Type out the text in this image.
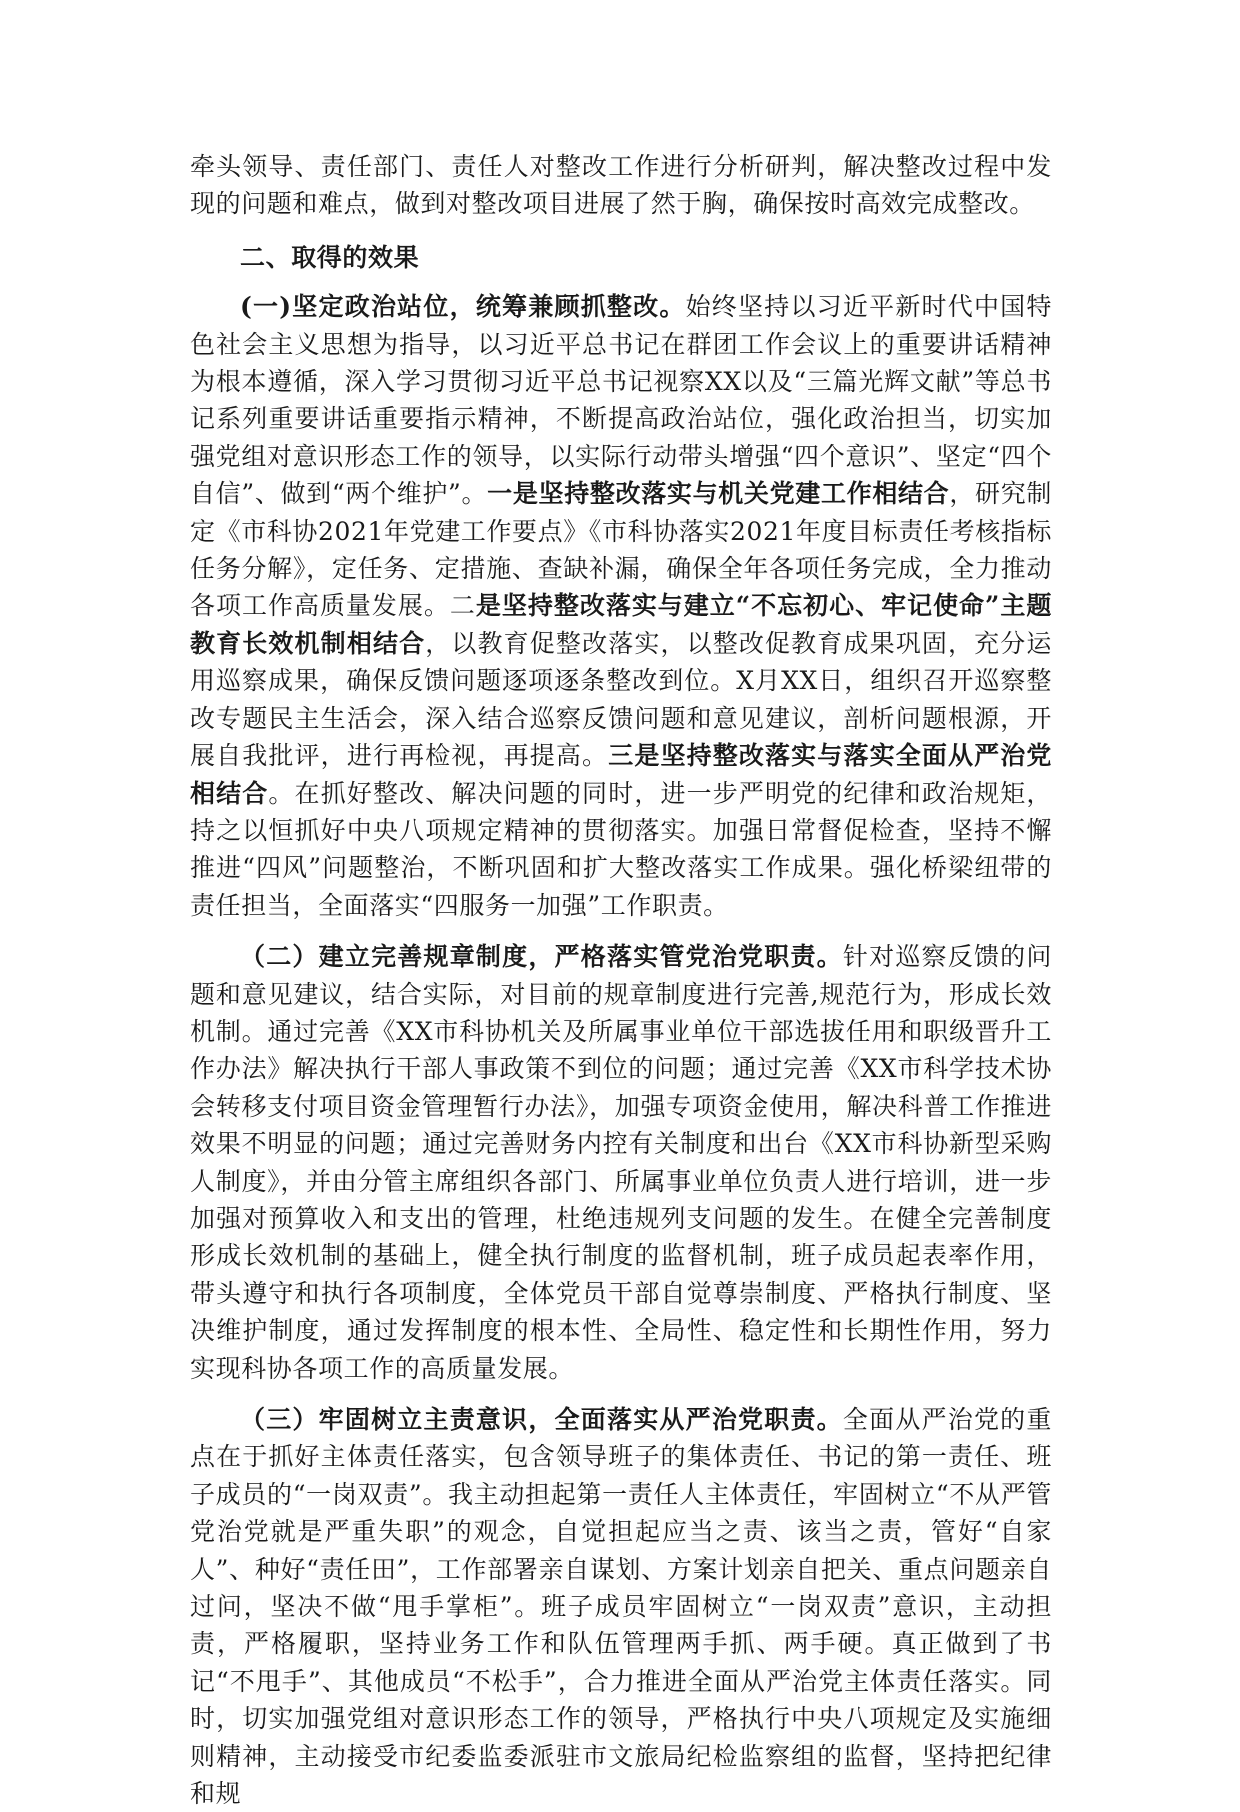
牵头领导、责任部门、责任人对整改工作进行分析研判，解决整改过程中发现的问题和难点，做到对整改项目进展了然于胸，确保按时高效完成整改。

二、取得的效果

(一)坚定政治站位，统筹兼顾抓整改。始终坚持以习近平新时代中国特色社会主义思想为指导，以习近平总书记在群团工作会议上的重要讲话精神为根本遵循，深入学习贯彻习近平总书记视察XX以及“三篇光辉文献”等总书记系列重要讲话重要指示精神，不断提高政治站位，强化政治担当，切实加强党组对意识形态工作的领导，以实际行动带头增强“四个意识”、坚定“四个自信”、做到“两个维护”。一是坚持整改落实与机关党建工作相结合，研究制定《市科协2021年党建工作要点》《市科协落实2021年度目标责任考核指标任务分解》，定任务、定措施、查缺补漏，确保全年各项任务完成，全力推动各项工作高质量发展。二是坚持整改落实与建立“不忘初心、牢记使命”主题教育长效机制相结合，以教育促整改落实，以整改促教育成果巩固，充分运用巡察成果，确保反馈问题逐项逐条整改到位。X月XX日，组织召开巡察整改专题民主生活会，深入结合巡察反馈问题和意见建议，剖析问题根源，开展自我批评，进行再检视，再提高。三是坚持整改落实与落实全面从严治党相结合。在抓好整改、解决问题的同时，进一步严明党的纪律和政治规矩，持之以恒抓好中央八项规定精神的贯彻落实。加强日常督促检查，坚持不懈推进“四风”问题整治，不断巩固和扩大整改落实工作成果。强化桥梁纽带的责任担当，全面落实“四服务一加强”工作职责。

（二）建立完善规章制度，严格落实管党治党职责。针对巡察反馈的问题和意见建议，结合实际，对目前的规章制度进行完善,规范行为，形成长效机制。通过完善《XX市科协机关及所属事业单位干部选拔任用和职级晋升工作办法》解决执行干部人事政策不到位的问题；通过完善《XX市科学技术协会转移支付项目资金管理暂行办法》，加强专项资金使用，解决科普工作推进效果不明显的问题；通过完善财务内控有关制度和出台《XX市科协新型采购人制度》，并由分管主席组织各部门、所属事业单位负责人进行培训，进一步加强对预算收入和支出的管理，杜绝违规列支问题的发生。在健全完善制度形成长效机制的基础上，健全执行制度的监督机制，班子成员起表率作用，带头遵守和执行各项制度，全体党员干部自觉尊崇制度、严格执行制度、坚决维护制度，通过发挥制度的根本性、全局性、稳定性和长期性作用，努力实现科协各项工作的高质量发展。

（三）牢固树立主责意识，全面落实从严治党职责。全面从严治党的重点在于抓好主体责任落实，包含领导班子的集体责任、书记的第一责任、班子成员的“一岗双责”。我主动担起第一责任人主体责任，牢固树立“不从严管党治党就是严重失职”的观念，自觉担起应当之责、该当之责，管好“自家人”、种好“责任田”，工作部署亲自谋划、方案计划亲自把关、重点问题亲自过问，坚决不做“甩手掌柜”。班子成员牢固树立“一岗双责”意识，主动担责，严格履职，坚持业务工作和队伍管理两手抓、两手硬。真正做到了书记“不甩手”、其他成员“不松手”，合力推进全面从严治党主体责任落实。同时，切实加强党组对意识形态工作的领导，严格执行中央八项规定及实施细则精神，主动接受市纪委监委派驻市文旅局纪检监察组的监督，坚持把纪律和规
